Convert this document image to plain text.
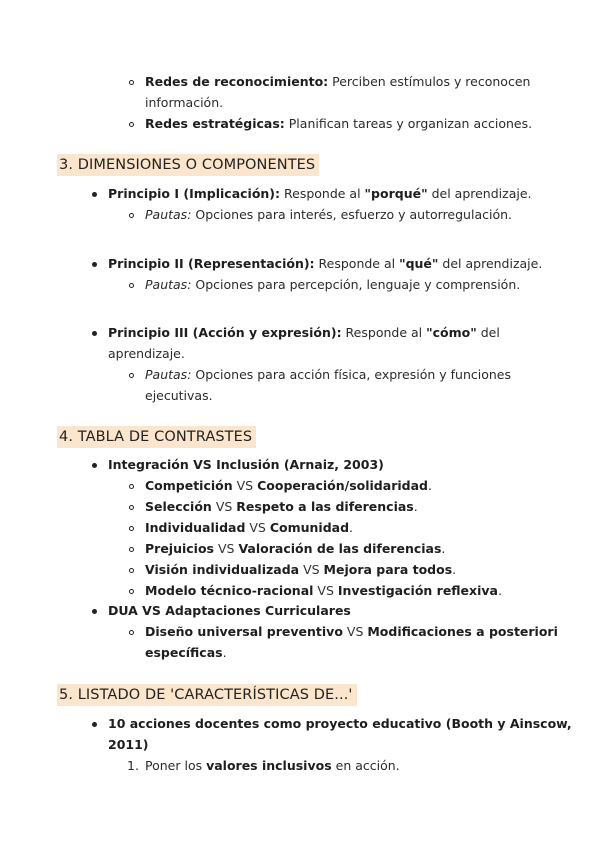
Redes de reconocimiento: Perciben estímulos y reconocen
información.
Redes estratégicas: Planifican tareas y organizan acciones.
3. DIMENSIONES O COMPONENTES
Principio I (Implicación): Responde al "porqué" del aprendizaje.
Pautas: Opciones para interés, esfuerzo y autorregulación.
Principio II (Representación): Responde al "qué" del aprendizaje.
Pautas: Opciones para percepción, lenguaje y comprensión.
Principio III (Acción y expresión): Responde al "cómo" del
aprendizaje.
Pautas: Opciones para acción física, expresión y funciones
ejecutivas.
4. TABLA DE CONTRASTES
Integración VS Inclusión (Arnaiz, 2003)
DUA VS Adaptaciones Curriculares
Diseño universal preventivo VS Modificaciones a posteriori
específicas.
5. LISTADO DE 'CARACTERÍSTICAS DE...'
10 acciones docentes como proyecto educativo (Booth y Ainscow,
2011)
1. Poner los valores inclusivos en acción.
Competición VS Cooperación/solidaridad.
Selección VS Respeto a las diferencias.
Individualidad VS Comunidad.
Prejuicios VS Valoración de las diferencias.
Visión individualizada VS Mejora para todos.
Modelo técnico-racional VS Investigación reflexiva.
